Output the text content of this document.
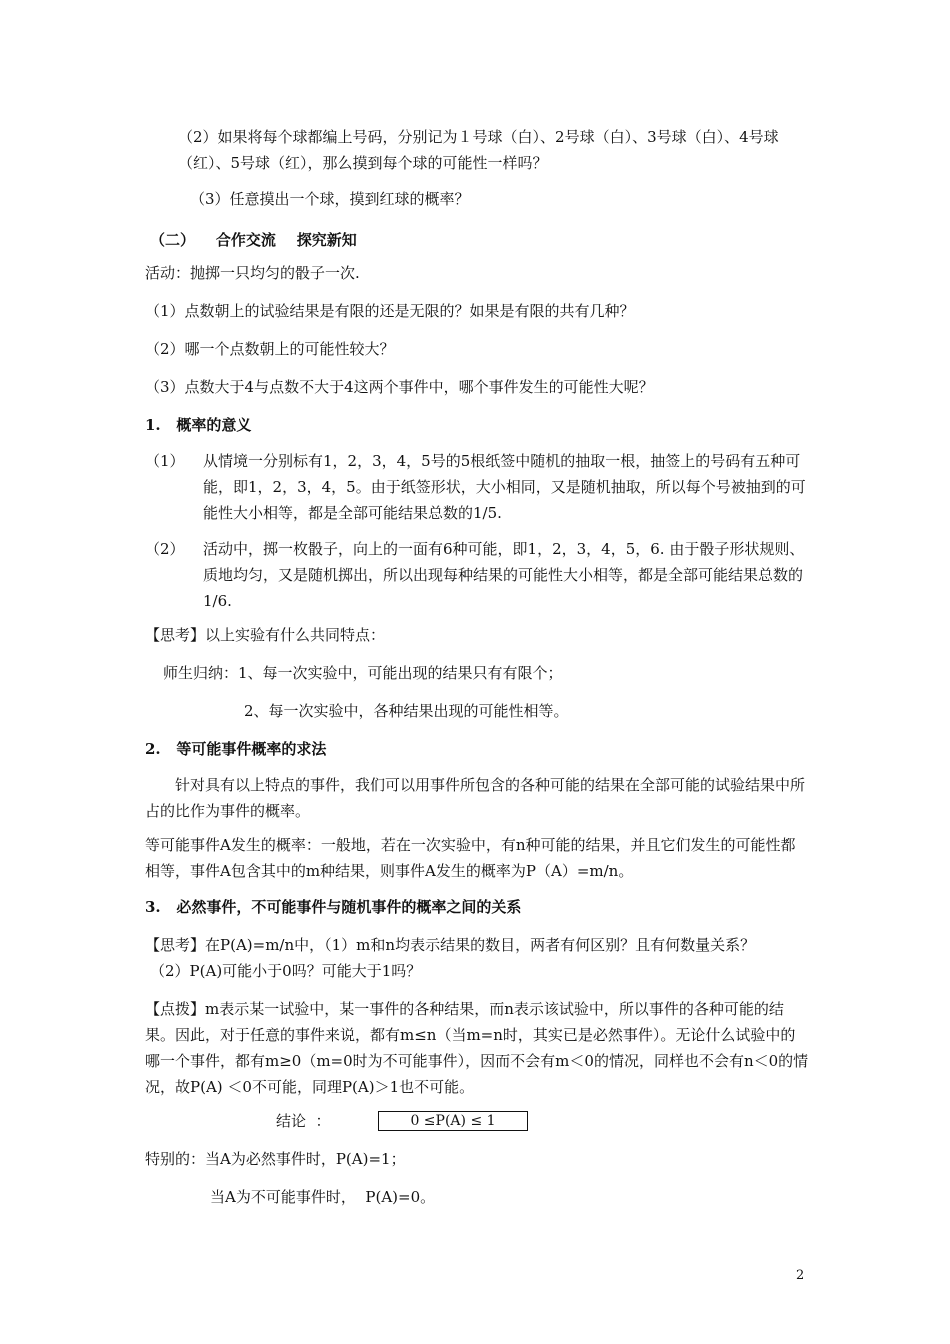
（2）如果将每个球都编上号码，分别记为１号球（白）、2号球（白）、3号球（白）、4号球

（红）、5号球（红），那么摸到每个球的可能性一样吗？

（3）任意摸出一个球，摸到红球的概率？

（二）    合作交流    探究新知

活动：抛掷一只均匀的骰子一次.

（1）点数朝上的试验结果是有限的还是无限的？如果是有限的共有几种？

（2）哪一个点数朝上的可能性较大？

（3）点数大于4与点数不大于4这两个事件中，哪个事件发生的可能性大呢？

1.   概率的意义

（1） 从情境一分别标有1，2，3，4，5号的5根纸签中随机的抽取一根，抽签上的号码有五种可能，即1，2，3，4，5。由于纸签形状，大小相同，又是随机抽取，所以每个号被抽到的可能性大小相等，都是全部可能结果总数的1/5.
（2） 活动中，掷一枚骰子，向上的一面有6种可能，即1，2，3，4，5，6. 由于骰子形状规则、质地均匀，又是随机掷出，所以出现每种结果的可能性大小相等，都是全部可能结果总数的1/6.

【思考】以上实验有什么共同特点：

师生归纳：1、每一次实验中，可能出现的结果只有有限个；

2、每一次实验中，各种结果出现的可能性相等。

2.   等可能事件概率的求法

针对具有以上特点的事件，我们可以用事件所包含的各种可能的结果在全部可能的试验结果中所占的比作为事件的概率。

等可能事件A发生的概率：一般地，若在一次实验中，有n种可能的结果，并且它们发生的可能性都相等，事件A包含其中的m种结果，则事件A发生的概率为P（A）=m/n。

3.   必然事件，不可能事件与随机事件的概率之间的关系

【思考】在P(A)=m/n中，（1）m和n均表示结果的数目，两者有何区别？且有何数量关系？

（2）P(A)可能小于0吗？可能大于1吗？

【点拨】m表示某一试验中，某一事件的各种结果，而n表示该试验中，所以事件的各种可能的结果。因此，对于任意的事件来说，都有m≤n（当m=n时，其实已是必然事件）。无论什么试验中的哪一个事件，都有m≥0（m=0时为不可能事件），因而不会有m＜0的情况，同样也不会有n＜0的情况，故P(A) ＜0不可能，同理P(A)＞1也不可能。

结论  ：	0 ≤P(A) ≤ 1

特别的：当A为必然事件时，P(A)=1；

当A为不可能事件时，  P(A)=0。

2
